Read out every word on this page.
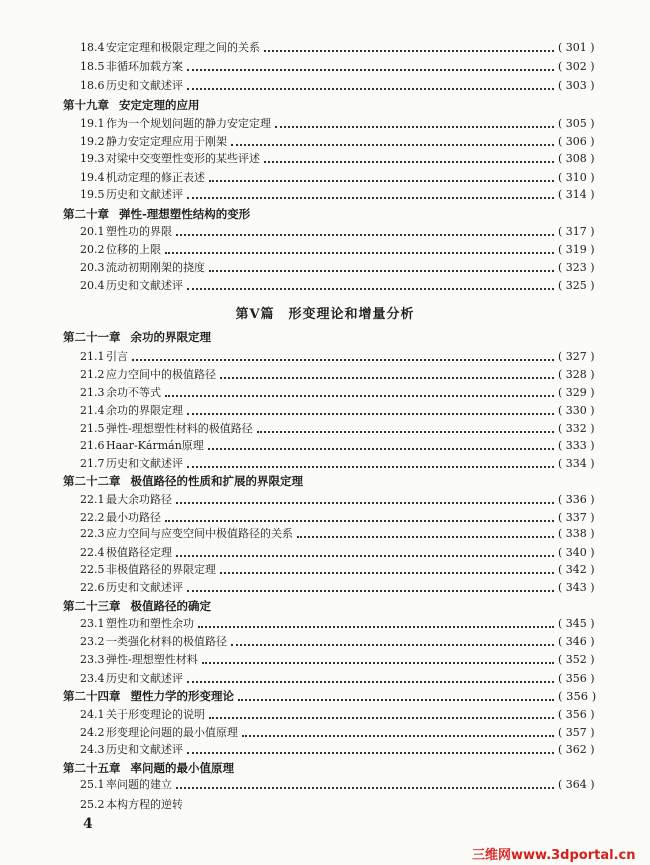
18.4 安定定理和极限定理之间的关系	( 301 )
18.5 非循环加载方案	( 302 )
18.6 历史和文献述评	( 303 )
第十九章 安定定理的应用
19.1 作为一个规划问题的静力安定定理	( 305 )
19.2 静力安定定理应用于刚架	( 306 )
19.3 对梁中交变塑性变形的某些评述	( 308 )
19.4 机动定理的修正表述	( 310 )
19.5 历史和文献述评	( 314 )
第二十章 弹性-理想塑性结构的变形
20.1 塑性功的界限	( 317 )
20.2 位移的上限	( 319 )
20.3 流动初期刚架的挠度	( 323 )
20.4 历史和文献述评	( 325 )
第Ⅴ篇 形变理论和增量分析
第二十一章 余功的界限定理
21.1 引言	( 327 )
21.2 应力空间中的极值路径	( 328 )
21.3 余功不等式	( 329 )
21.4 余功的界限定理	( 330 )
21.5 弹性-理想塑性材料的极值路径	( 332 )
21.6 Haar-Kármán原理	( 333 )
21.7 历史和文献述评	( 334 )
第二十二章 极值路径的性质和扩展的界限定理
22.1 最大余功路径	( 336 )
22.2 最小功路径	( 337 )
22.3 应力空间与应变空间中极值路径的关系	( 338 )
22.4 极值路径定理	( 340 )
22.5 非极值路径的界限定理	( 342 )
22.6 历史和文献述评	( 343 )
第二十三章 极值路径的确定
23.1 塑性功和塑性余功	( 345 )
23.2 一类强化材料的极值路径	( 346 )
23.3 弹性-理想塑性材料	( 352 )
23.4 历史和文献述评	( 356 )
第二十四章 塑性力学的形变理论	( 356 )
24.1 关于形变理论的说明	( 356 )
24.2 形变理论问题的最小值原理	( 357 )
24.3 历史和文献述评	( 362 )
第二十五章 率问题的最小值原理
25.1 率问题的建立	( 364 )
25.2 本构方程的逆转
4
三维网www.3dportal.cn
